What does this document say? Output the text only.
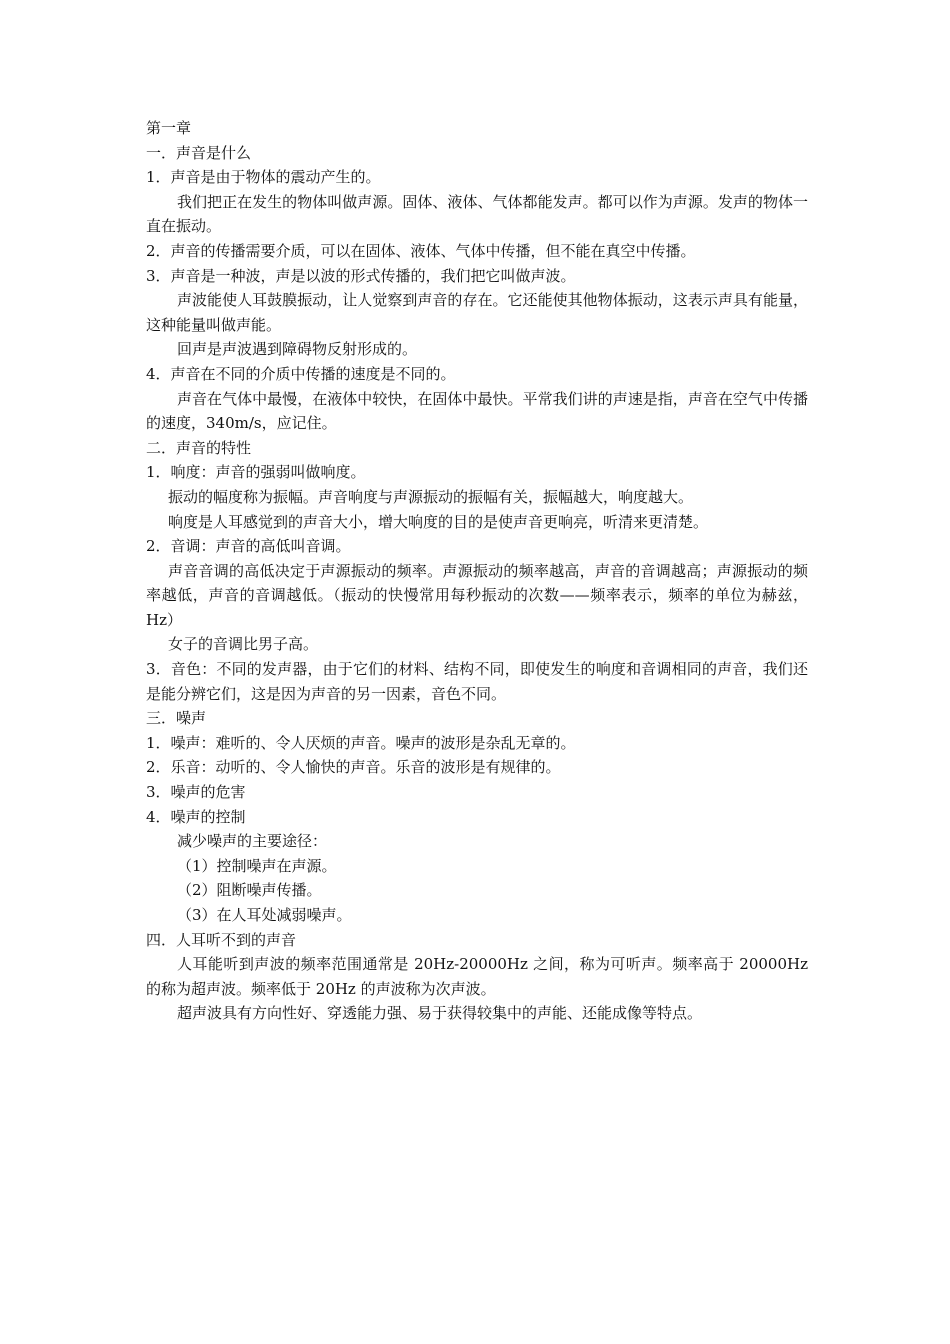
第一章
一．声音是什么
1．声音是由于物体的震动产生的。
我们把正在发生的物体叫做声源。固体、液体、气体都能发声。都可以作为声源。发声的物体一直在振动。
2．声音的传播需要介质，可以在固体、液体、气体中传播，但不能在真空中传播。
3．声音是一种波，声是以波的形式传播的，我们把它叫做声波。
声波能使人耳鼓膜振动，让人觉察到声音的存在。它还能使其他物体振动，这表示声具有能量，这种能量叫做声能。
回声是声波遇到障碍物反射形成的。
4．声音在不同的介质中传播的速度是不同的。
声音在气体中最慢，在液体中较快，在固体中最快。平常我们讲的声速是指，声音在空气中传播的速度，340m/s，应记住。
二．声音的特性
1．响度：声音的强弱叫做响度。
振动的幅度称为振幅。声音响度与声源振动的振幅有关，振幅越大，响度越大。
响度是人耳感觉到的声音大小，增大响度的目的是使声音更响亮，听清来更清楚。
2．音调：声音的高低叫音调。
声音音调的高低决定于声源振动的频率。声源振动的频率越高，声音的音调越高；声源振动的频率越低，声音的音调越低。（振动的快慢常用每秒振动的次数——频率表示，频率的单位为赫兹，Hz）
女子的音调比男子高。
3．音色：不同的发声器，由于它们的材料、结构不同，即使发生的响度和音调相同的声音，我们还是能分辨它们，这是因为声音的另一因素，音色不同。
三．噪声
1．噪声：难听的、令人厌烦的声音。噪声的波形是杂乱无章的。
2．乐音：动听的、令人愉快的声音。乐音的波形是有规律的。
3．噪声的危害
4．噪声的控制
减少噪声的主要途径：
（1）控制噪声在声源。
（2）阻断噪声传播。
（3）在人耳处减弱噪声。
四．人耳听不到的声音
人耳能听到声波的频率范围通常是 20Hz-20000Hz 之间，称为可听声。频率高于 20000Hz 的称为超声波。频率低于 20Hz 的声波称为次声波。
超声波具有方向性好、穿透能力强、易于获得较集中的声能、还能成像等特点。
